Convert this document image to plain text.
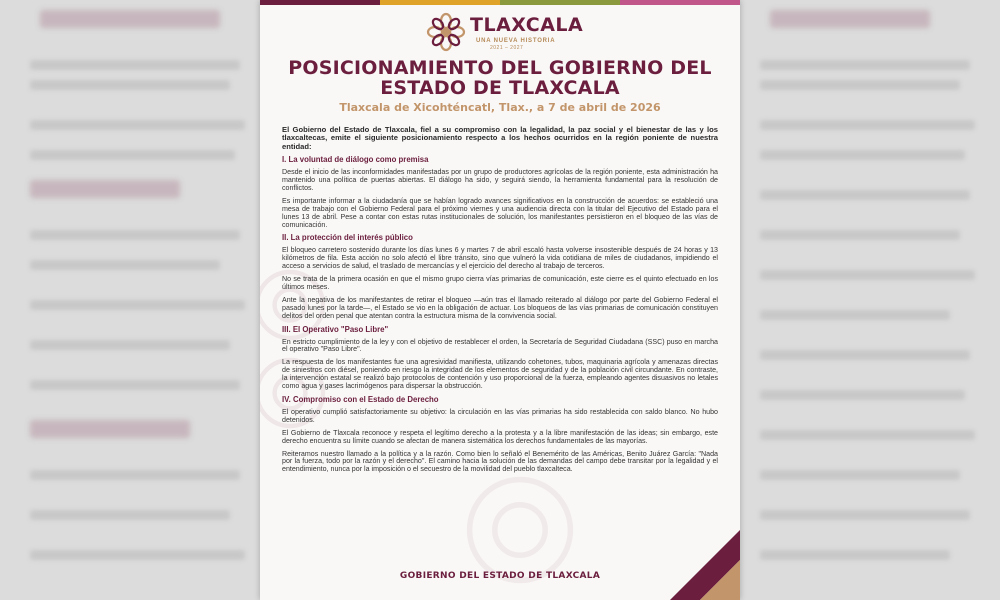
TLAXCALA
UNA NUEVA HISTORIA
2021 – 2027
POSICIONAMIENTO DEL GOBIERNO DEL ESTADO DE TLAXCALA
Tlaxcala de Xicohténcatl, Tlax., a 7 de abril de 2026

El Gobierno del Estado de Tlaxcala, fiel a su compromiso con la legalidad, la paz social y el bienestar de las y los tlaxcaltecas, emite el siguiente posicionamiento respecto a los hechos ocurridos en la región poniente de nuestra entidad:

I. La voluntad de diálogo como premisa

Desde el inicio de las inconformidades manifestadas por un grupo de productores agrícolas de la región poniente, esta administración ha mantenido una política de puertas abiertas. El diálogo ha sido, y seguirá siendo, la herramienta fundamental para la resolución de conflictos.

Es importante informar a la ciudadanía que se habían logrado avances significativos en la construcción de acuerdos: se estableció una mesa de trabajo con el Gobierno Federal para el próximo viernes y una audiencia directa con la titular del Ejecutivo del Estado para el lunes 13 de abril. Pese a contar con estas rutas institucionales de solución, los manifestantes persistieron en el bloqueo de las vías de comunicación.

II. La protección del interés público

El bloqueo carretero sostenido durante los días lunes 6 y martes 7 de abril escaló hasta volverse insostenible después de 24 horas y 13 kilómetros de fila. Esta acción no solo afectó el libre tránsito, sino que vulneró la vida cotidiana de miles de ciudadanos, impidiendo el acceso a servicios de salud, el traslado de mercancías y el ejercicio del derecho al trabajo de terceros.

No se trata de la primera ocasión en que el mismo grupo cierra vías primarias de comunicación, este cierre es el quinto efectuado en los últimos meses.

Ante la negativa de los manifestantes de retirar el bloqueo —aún tras el llamado reiterado al diálogo por parte del Gobierno Federal el pasado lunes por la tarde—, el Estado se vio en la obligación de actuar. Los bloqueos de las vías primarias de comunicación constituyen delitos del orden penal que atentan contra la estructura misma de la convivencia social.

III. El Operativo "Paso Libre"

En estricto cumplimiento de la ley y con el objetivo de restablecer el orden, la Secretaría de Seguridad Ciudadana (SSC) puso en marcha el operativo "Paso Libre".

La respuesta de los manifestantes fue una agresividad manifiesta, utilizando cohetones, tubos, maquinaria agrícola y amenazas directas de siniestros con diésel, poniendo en riesgo la integridad de los elementos de seguridad y de la población civil circundante. En contraste, la intervención estatal se realizó bajo protocolos de contención y uso proporcional de la fuerza, empleando agentes disuasivos no letales como agua y gases lacrimógenos para dispersar la obstrucción.

IV. Compromiso con el Estado de Derecho

El operativo cumplió satisfactoriamente su objetivo: la circulación en las vías primarias ha sido restablecida con saldo blanco. No hubo detenidos.

El Gobierno de Tlaxcala reconoce y respeta el legítimo derecho a la protesta y a la libre manifestación de las ideas; sin embargo, este derecho encuentra su límite cuando se afectan de manera sistemática los derechos fundamentales de las mayorías.

Reiteramos nuestro llamado a la política y a la razón. Como bien lo señaló el Benemérito de las Américas, Benito Juárez García: "Nada por la fuerza, todo por la razón y el derecho". El camino hacia la solución de las demandas del campo debe transitar por la legalidad y el entendimiento, nunca por la imposición o el secuestro de la movilidad del pueblo tlaxcalteca.

GOBIERNO DEL ESTADO DE TLAXCALA
